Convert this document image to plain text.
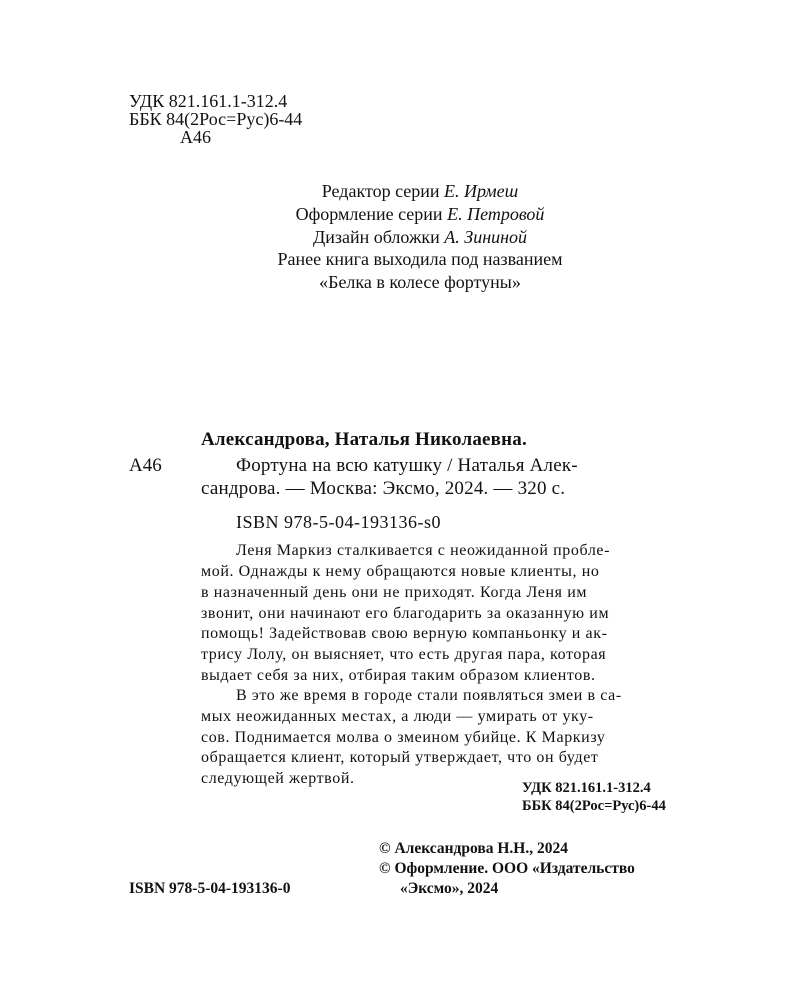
УДК 821.161.1-312.4
ББК 84(2Рос=Рус)6-44
А46
Редактор серии Е. Ирмеш
Оформление серии Е. Петровой
Дизайн обложки А. Зининой
Ранее книга выходила под названием
«Белка в колесе фортуны»
Александрова, Наталья Николаевна.
А46	Фортуна на всю катушку / Наталья Алек-
сандрова. — Москва: Эксмо, 2024. — 320 с.
ISBN 978-5-04-193136-s0
Леня Маркиз сталкивается с неожиданной пробле-
мой. Однажды к нему обращаются новые клиенты, но
в назначенный день они не приходят. Когда Леня им
звонит, они начинают его благодарить за оказанную им
помощь! Задействовав свою верную компаньонку и ак-
трису Лолу, он выясняет, что есть другая пара, которая
выдает себя за них, отбирая таким образом клиентов.
В это же время в городе стали появляться змеи в са-
мых неожиданных местах, а люди — умирать от уку-
сов. Поднимается молва о змеином убийце. К Маркизу
обращается клиент, который утверждает, что он будет
следующей жертвой.
УДК 821.161.1-312.4
ББК 84(2Рос=Рус)6-44
© Александрова Н.Н., 2024
© Оформление. ООО «Издательство
«Эксмо», 2024
ISBN 978-5-04-193136-0
